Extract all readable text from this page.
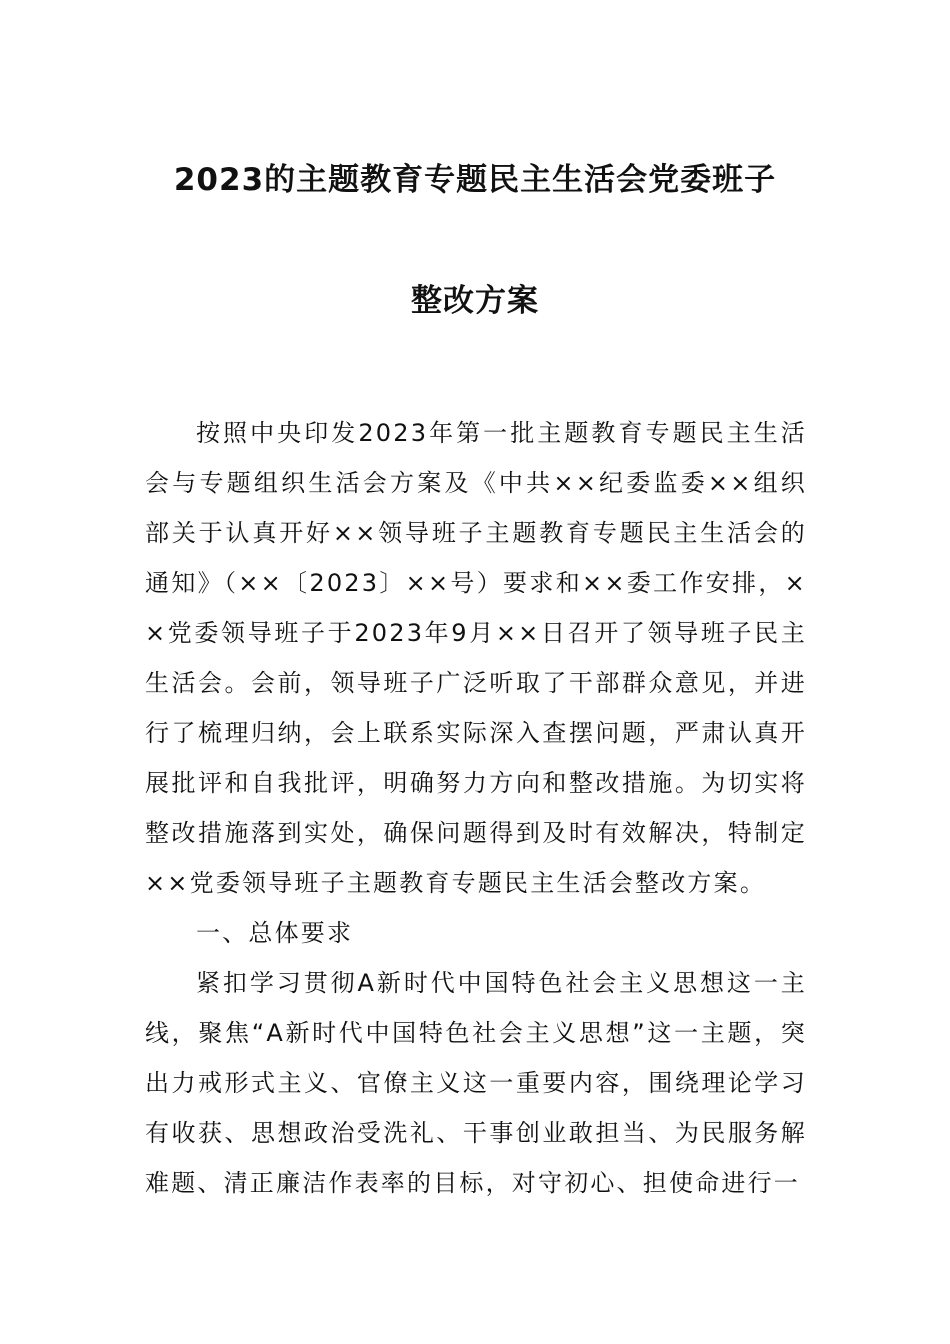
2023的主题教育专题民主生活会党委班子
整改方案

按照中央印发2023年第一批主题教育专题民主生活会与专题组织生活会方案及《中共××纪委监委××组织部关于认真开好××领导班子主题教育专题民主生活会的通知》（××〔2023〕××号）要求和××委工作安排，××党委领导班子于2023年9月××日召开了领导班子民主生活会。会前，领导班子广泛听取了干部群众意见，并进行了梳理归纳，会上联系实际深入查摆问题，严肃认真开展批评和自我批评，明确努力方向和整改措施。为切实将整改措施落到实处，确保问题得到及时有效解决，特制定××党委领导班子主题教育专题民主生活会整改方案。

一、总体要求

紧扣学习贯彻A新时代中国特色社会主义思想这一主线，聚焦“A新时代中国特色社会主义思想”这一主题，突出力戒形式主义、官僚主义这一重要内容，围绕理论学习有收获、思想政治受洗礼、干事创业敢担当、为民服务解难题、清正廉洁作表率的目标，对守初心、担使命进行一
